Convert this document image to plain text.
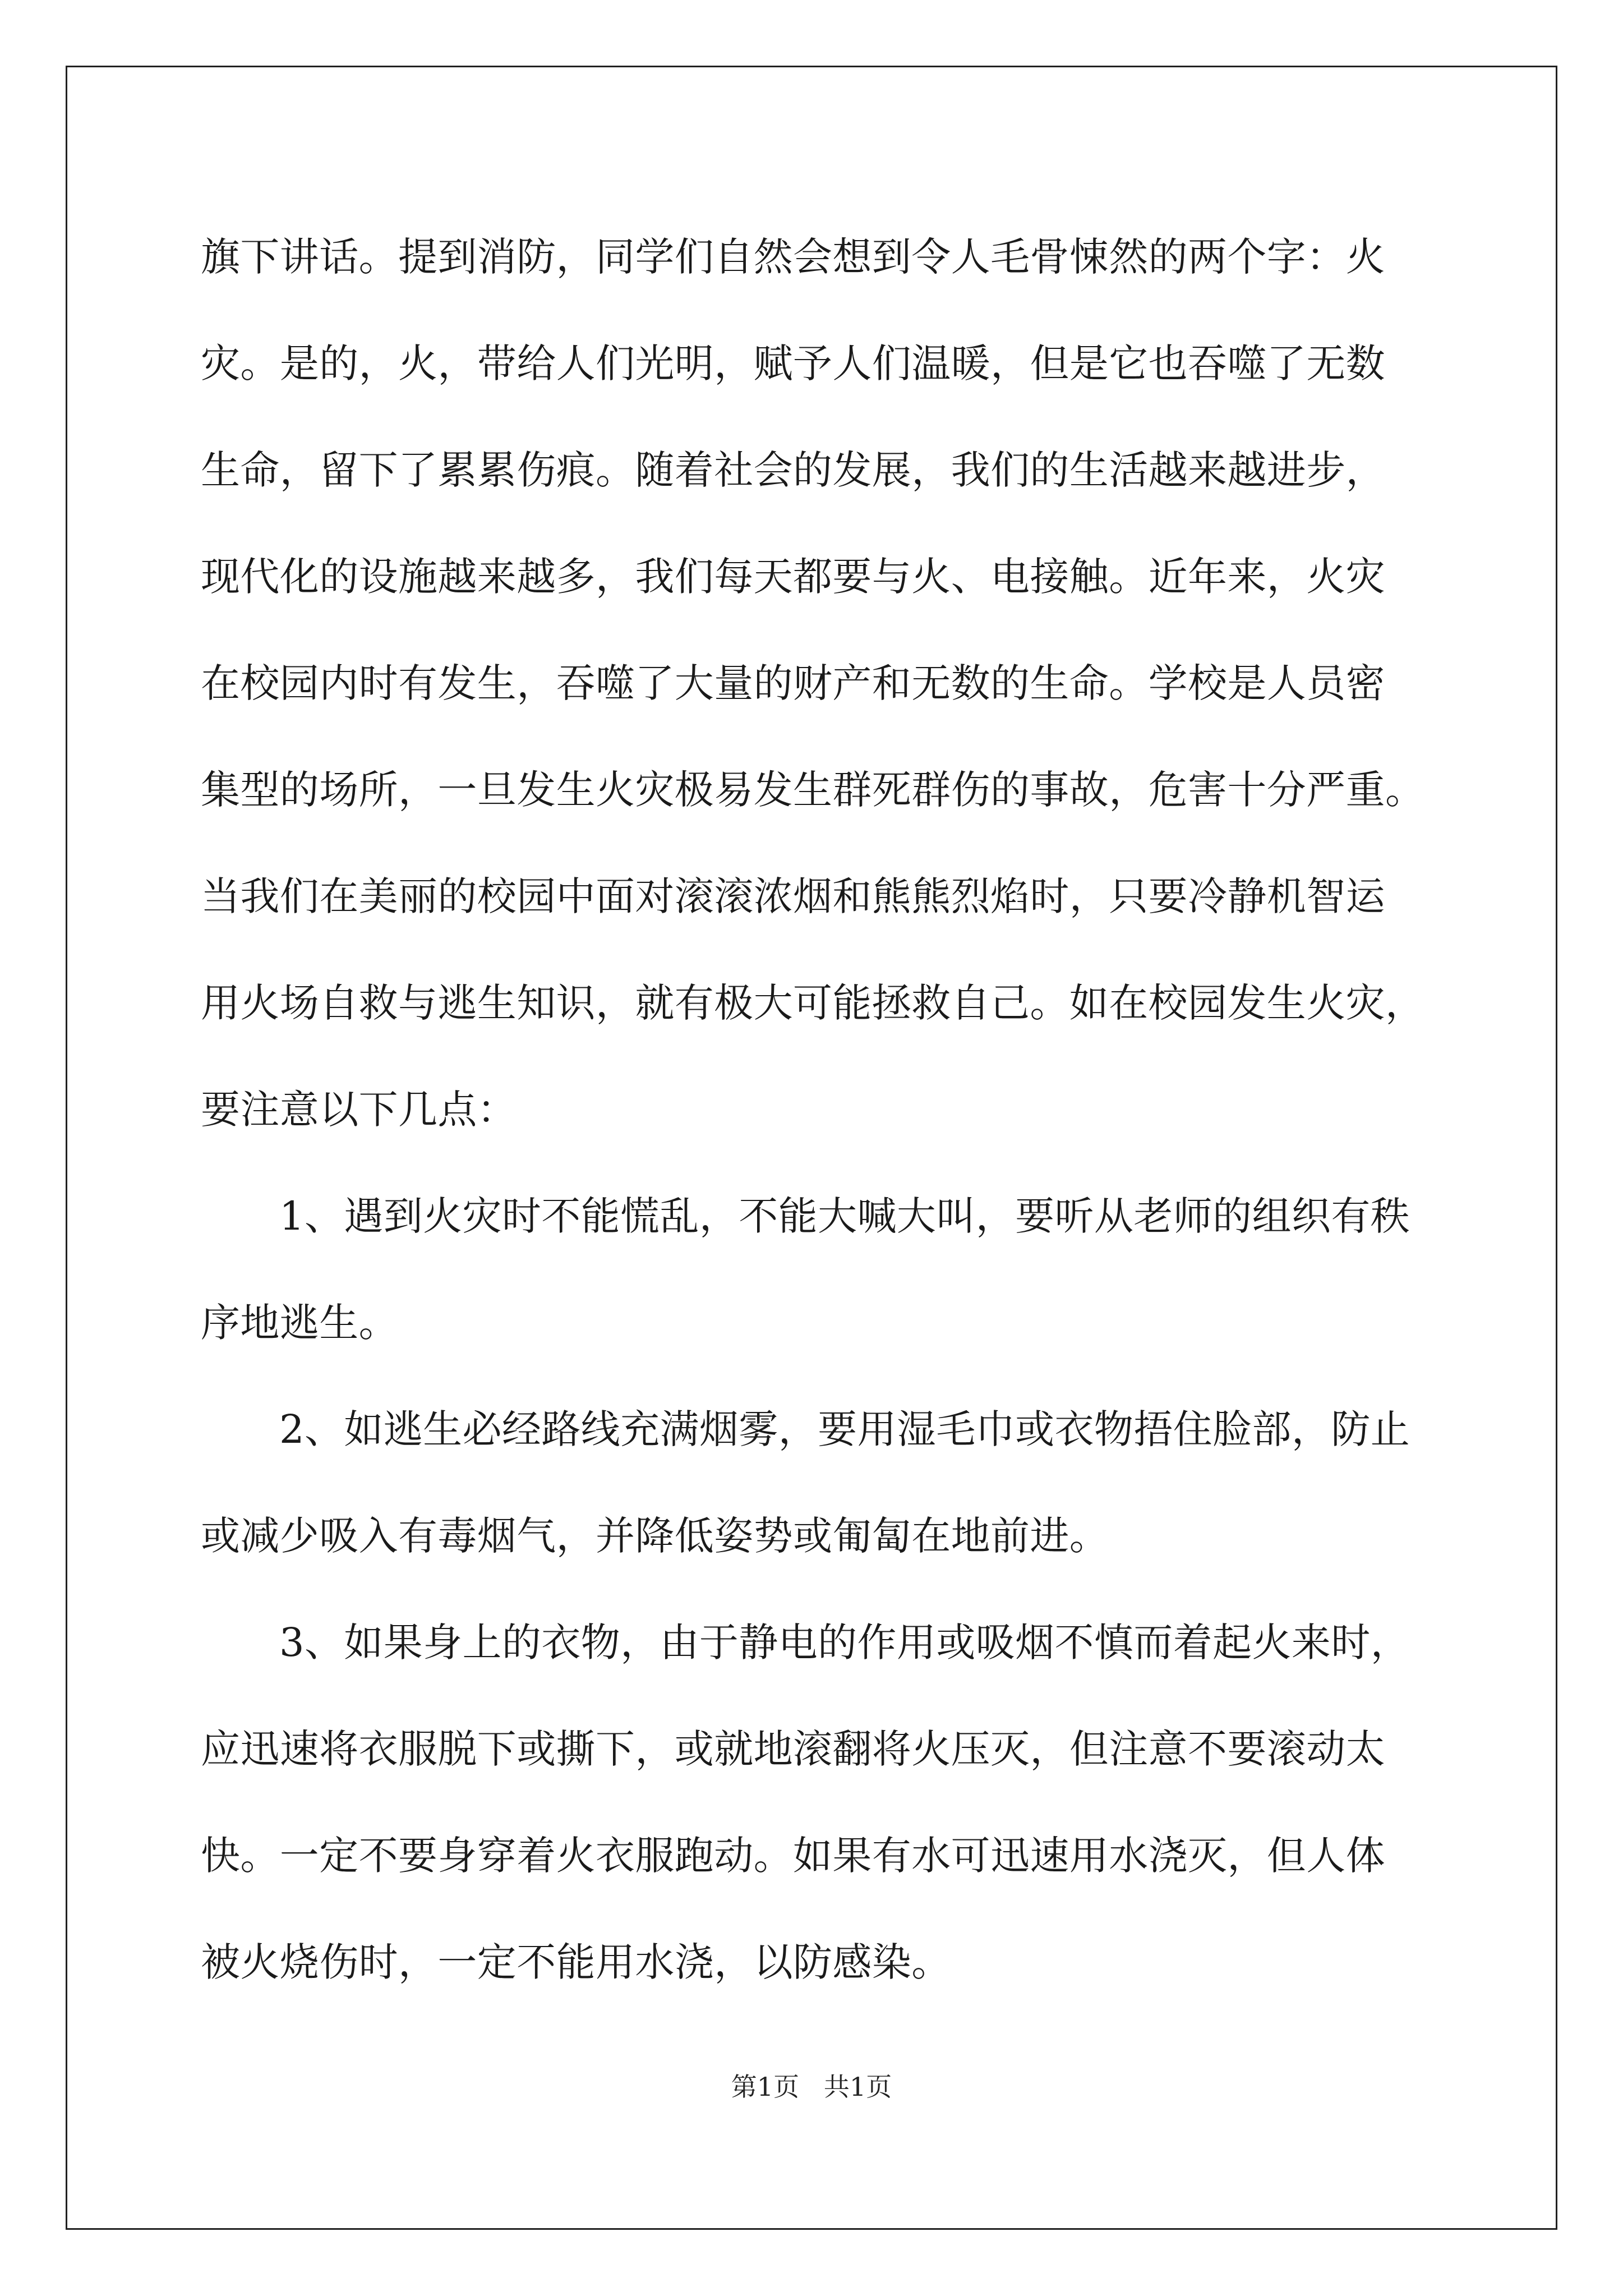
旗下讲话。提到消防，同学们自然会想到令人毛骨悚然的两个字：火
灾。是的，火，带给人们光明，赋予人们温暖，但是它也吞噬了无数
生命，留下了累累伤痕。随着社会的发展，我们的生活越来越进步，
现代化的设施越来越多，我们每天都要与火、电接触。近年来，火灾
在校园内时有发生，吞噬了大量的财产和无数的生命。学校是人员密
集型的场所，一旦发生火灾极易发生群死群伤的事故，危害十分严重。
当我们在美丽的校园中面对滚滚浓烟和熊熊烈焰时，只要冷静机智运
用火场自救与逃生知识，就有极大可能拯救自己。如在校园发生火灾，
要注意以下几点：
1、遇到火灾时不能慌乱，不能大喊大叫，要听从老师的组织有秩
序地逃生。
2、如逃生必经路线充满烟雾，要用湿毛巾或衣物捂住脸部，防止
或减少吸入有毒烟气，并降低姿势或匍匐在地前进。
3、如果身上的衣物，由于静电的作用或吸烟不慎而着起火来时，
应迅速将衣服脱下或撕下，或就地滚翻将火压灭，但注意不要滚动太
快。一定不要身穿着火衣服跑动。如果有水可迅速用水浇灭，但人体
被火烧伤时，一定不能用水浇，以防感染。
第1页   共1页
